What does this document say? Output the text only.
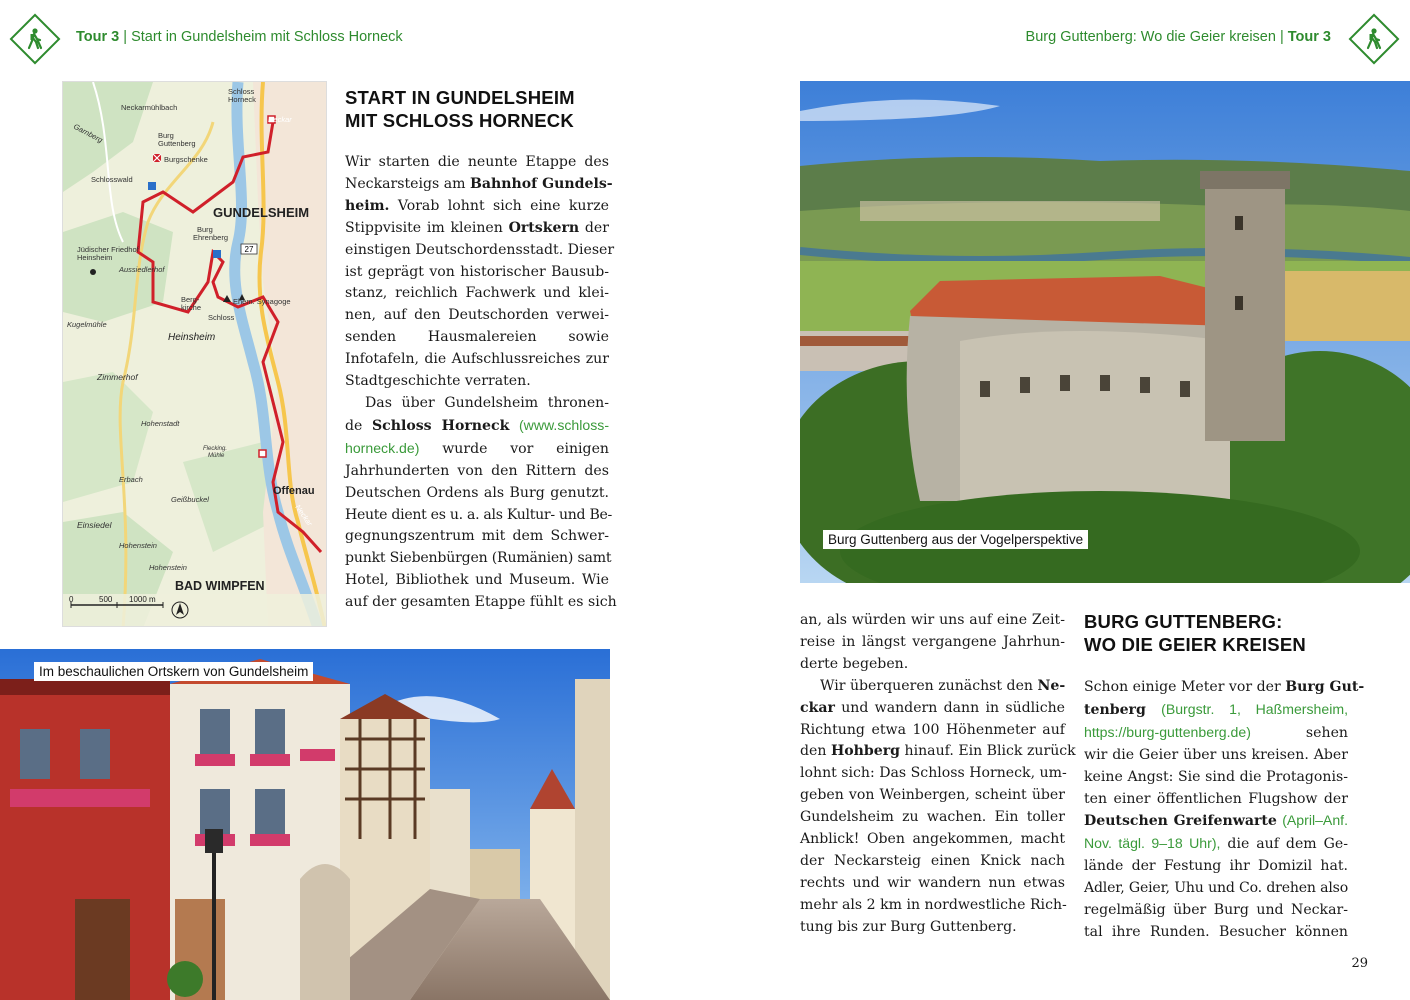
Tour 3 | Start in Gundelsheim mit Schloss Horneck
27
Neckarmühlbach
Garnberg
Schloss
Horneck
Neckar
Burg
Guttenberg
Burgschenke
Schlosswald
Burg
Ehrenberg
Jüdischer Friedhof
Heinsheim
Aussiedlerhof
Berg-
kirche
Ehem. Synagoge
Schloss
Kugelmühle
Zimmerhof
Hohenstadt
Flecking.
Mühle
Erbach
Geißbuckel
Einsiedel
Hohenstein
Hohenstein
Neckar
GUNDELSHEIM
Heinsheim
Offenau
BAD WIMPFEN
0	500 1000 m
START IN GUNDELSHEIM
MIT SCHLOSS HORNECK
Wir starten die neunte Etappe des
Neckarsteigs am Bahnhof Gundels-
heim. Vorab lohnt sich eine kurze
Stippvisite im kleinen Ortskern der
einstigen Deutschordensstadt. Dieser
ist geprägt von historischer Bausub-
stanz, reichlich Fachwerk und klei-
nen, auf den Deutschorden verwei-
senden Hausmalereien sowie
Infotafeln, die Aufschlussreiches zur
Stadtgeschichte verraten.
Das über Gundelsheim thronen-
de Schloss Horneck (www.schloss-
horneck.de) wurde vor einigen
Jahrhunderten von den Rittern des
Deutschen Ordens als Burg genutzt.
Heute dient es u. a. als Kultur- und Be-
gegnungszentrum mit dem Schwer-
punkt Siebenbürgen (Rumänien) samt
Hotel, Bibliothek und Museum. Wie
auf der gesamten Etappe fühlt es sich
Im beschaulichen Ortskern von Gundelsheim
Burg Guttenberg: Wo die Geier kreisen | Tour 3
Burg Guttenberg aus der Vogelperspektive
an, als würden wir uns auf eine Zeit-
reise in längst vergangene Jahrhun-
derte begeben.
Wir überqueren zunächst den Ne-
ckar und wandern dann in südliche
Richtung etwa 100 Höhenmeter auf
den Hohberg hinauf. Ein Blick zurück
lohnt sich: Das Schloss Horneck, um-
geben von Weinbergen, scheint über
Gundelsheim zu wachen. Ein toller
Anblick! Oben angekommen, macht
der Neckarsteig einen Knick nach
rechts und wir wandern nun etwas
mehr als 2 km in nordwestliche Rich-
tung bis zur Burg Guttenberg.
BURG GUTTENBERG:
WO DIE GEIER KREISEN
Schon einige Meter vor der Burg Gut-
tenberg (Burgstr. 1, Haßmersheim,
https://burg-guttenberg.de)	sehen
wir die Geier über uns kreisen. Aber
keine Angst: Sie sind die Protagonis-
ten einer öffentlichen Flugshow der
Deutschen Greifenwarte (April–Anf.
Nov. tägl. 9–18 Uhr), die auf dem Ge-
lände der Festung ihr Domizil hat.
Adler, Geier, Uhu und Co. drehen also
regelmäßig über Burg und Neckar-
tal ihre Runden. Besucher können
29
